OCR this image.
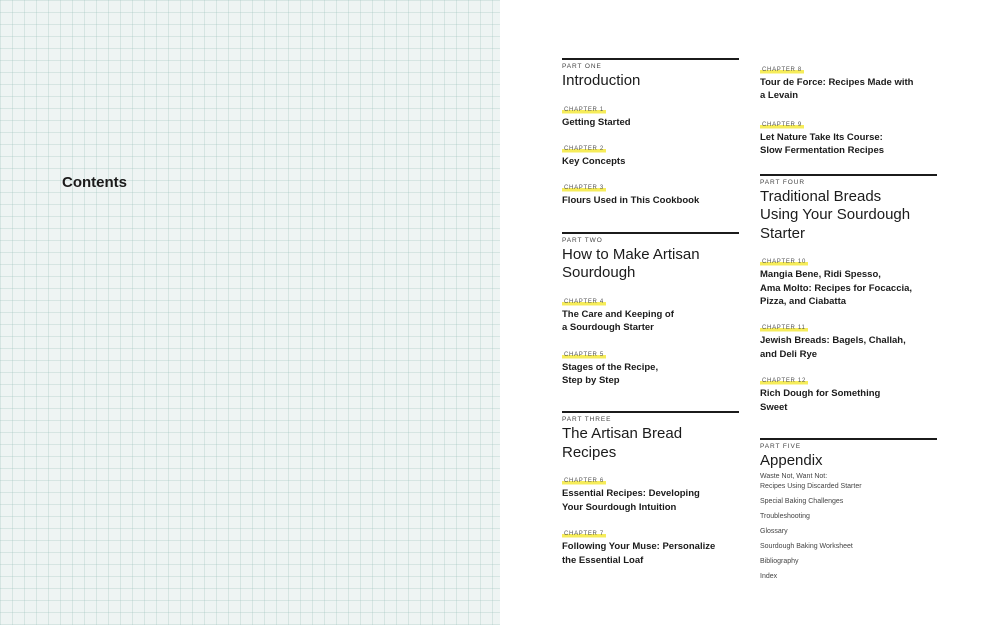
Contents
PART ONE
Introduction
CHAPTER 1
Getting Started
CHAPTER 2
Key Concepts
CHAPTER 3
Flours Used in This Cookbook
PART TWO
How to Make Artisan
Sourdough
CHAPTER 4
The Care and Keeping of
a Sourdough Starter
CHAPTER 5
Stages of the Recipe,
Step by Step
PART THREE
The Artisan Bread
Recipes
CHAPTER 6
Essential Recipes: Developing
Your Sourdough Intuition
CHAPTER 7
Following Your Muse: Personalize
the Essential Loaf
CHAPTER 8
Tour de Force: Recipes Made with
a Levain
CHAPTER 9
Let Nature Take Its Course:
Slow Fermentation Recipes
PART FOUR
Traditional Breads
Using Your Sourdough
Starter
CHAPTER 10
Mangia Bene, Ridi Spesso,
Ama Molto: Recipes for Focaccia,
Pizza, and Ciabatta
CHAPTER 11
Jewish Breads: Bagels, Challah,
and Deli Rye
CHAPTER 12
Rich Dough for Something
Sweet
PART FIVE
Appendix
Waste Not, Want Not:
Recipes Using Discarded Starter
Special Baking Challenges
Troubleshooting
Glossary
Sourdough Baking Worksheet
Bibliography
Index
